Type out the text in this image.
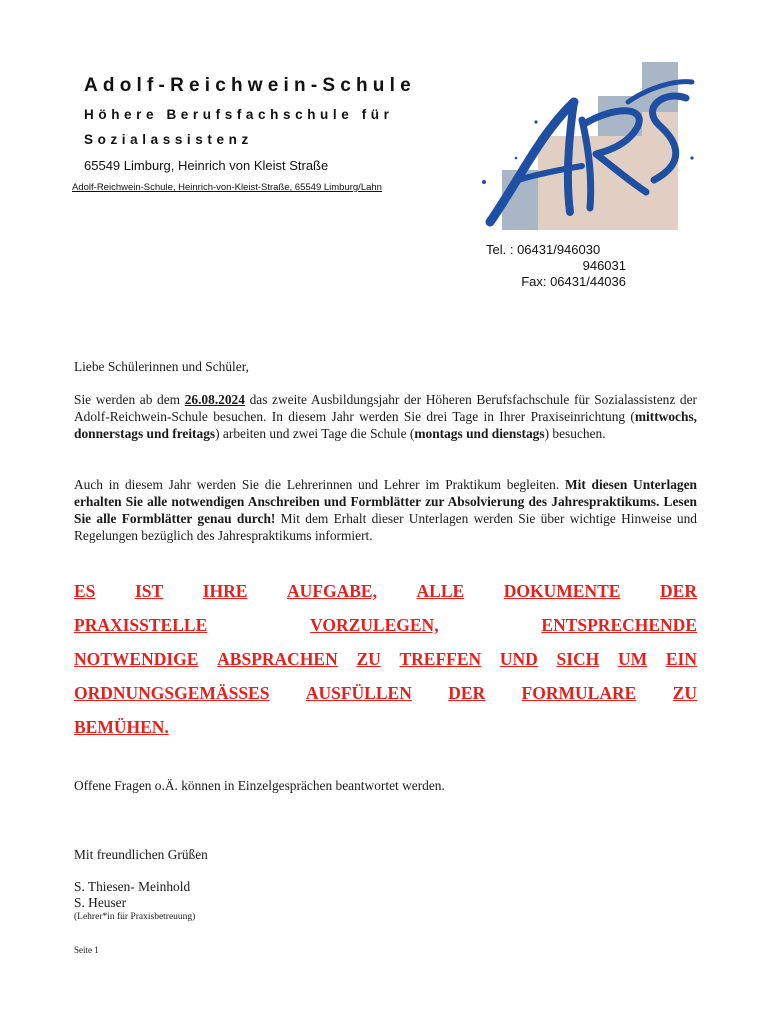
Adolf-Reichwein-Schule
Höhere Berufsfachschule für
Sozialassistenz
65549 Limburg, Heinrich von Kleist Straße
Adolf-Reichwein-Schule, Heinrich-von-Kleist-Straße, 65549 Limburg/Lahn
Tel. : 06431/946030
946031
Fax: 06431/44036
Liebe Schülerinnen und Schüler,
Sie werden ab dem 26.08.2024 das zweite Ausbildungsjahr der Höheren Berufsfachschule für Sozialassistenz der Adolf-Reichwein-Schule besuchen. In diesem Jahr werden Sie drei Tage in Ihrer Praxiseinrichtung (mittwochs, donnerstags und freitags) arbeiten und zwei Tage die Schule (montags und dienstags) besuchen.
Auch in diesem Jahr werden Sie die Lehrerinnen und Lehrer im Praktikum begleiten. Mit diesen Unterlagen erhalten Sie alle notwendigen Anschreiben und Formblätter zur Absolvierung des Jahrespraktikums. Lesen Sie alle Formblätter genau durch! Mit dem Erhalt dieser Unterlagen werden Sie über wichtige Hinweise und Regelungen bezüglich des Jahrespraktikums informiert.
ES IST IHRE AUFGABE, ALLE DOKUMENTE DER
PRAXISSTELLE	VORZULEGEN,	ENTSPRECHENDE
NOTWENDIGE ABSPRACHEN ZU TREFFEN UND SICH UM EIN
ORDNUNGSGEMÄSSES AUSFÜLLEN DER FORMULARE ZU
BEMÜHEN.
Offene Fragen o.Ä. können in Einzelgesprächen beantwortet werden.
Mit freundlichen Grüßen
S. Thiesen- Meinhold
S. Heuser
(Lehrer*in für Praxisbetreuung)
Seite 1
